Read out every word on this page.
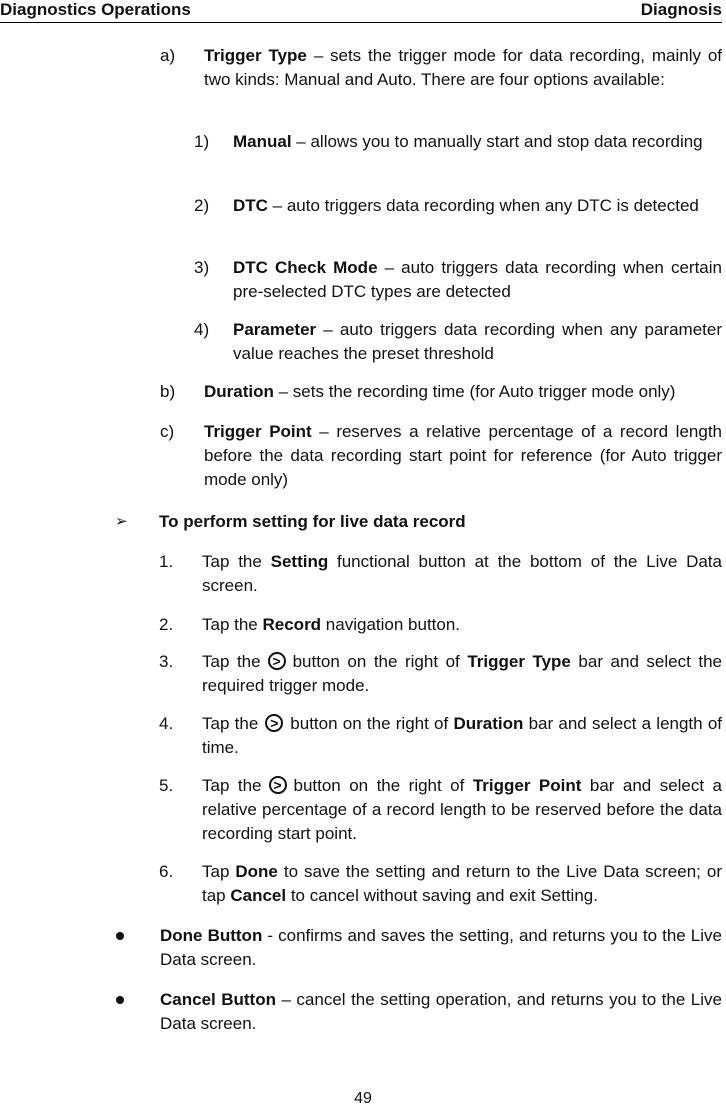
Diagnostics Operations	Diagnosis
a) Trigger Type – sets the trigger mode for data recording, mainly of two kinds: Manual and Auto. There are four options available:
1) Manual – allows you to manually start and stop data recording
2) DTC – auto triggers data recording when any DTC is detected
3) DTC Check Mode – auto triggers data recording when certain pre-selected DTC types are detected
4) Parameter – auto triggers data recording when any parameter value reaches the preset threshold
b) Duration – sets the recording time (for Auto trigger mode only)
c) Trigger Point – reserves a relative percentage of a record length before the data recording start point for reference (for Auto trigger mode only)
➢ To perform setting for live data record
1. Tap the Setting functional button at the bottom of the Live Data screen.
2. Tap the Record navigation button.
3. Tap the > button on the right of Trigger Type bar and select the required trigger mode.
4. Tap the > button on the right of Duration bar and select a length of time.
5. Tap the > button on the right of Trigger Point bar and select a relative percentage of a record length to be reserved before the data recording start point.
6. Tap Done to save the setting and return to the Live Data screen; or tap Cancel to cancel without saving and exit Setting.
Done Button - confirms and saves the setting, and returns you to the Live Data screen.
Cancel Button – cancel the setting operation, and returns you to the Live Data screen.
49
